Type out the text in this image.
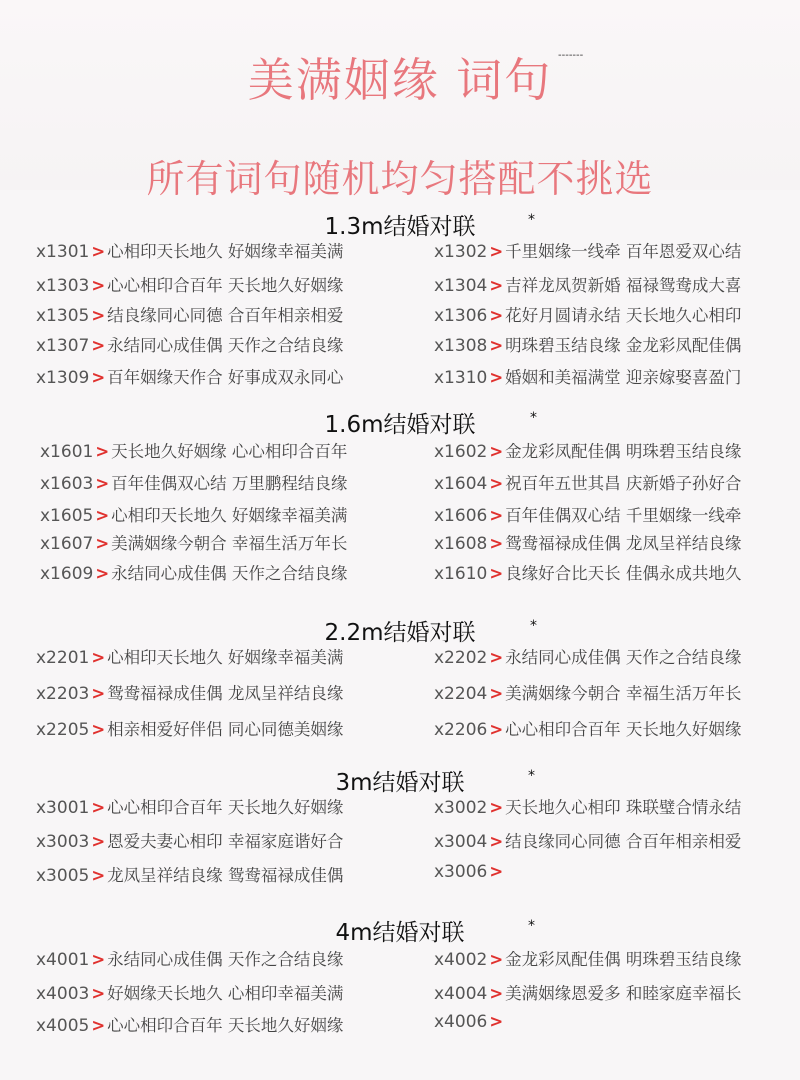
美满姻缘 词句 -------
所有词句随机均匀搭配不挑选
1.3m结婚对联	*
x1301 > 心相印天长地久 好姻缘幸福美满	x1302 > 千里姻缘一线牵 百年恩爱双心结
x1303 > 心心相印合百年 天长地久好姻缘	x1304 > 吉祥龙凤贺新婚 福禄鸳鸯成大喜
x1305 > 结良缘同心同德 合百年相亲相爱	x1306 > 花好月圆请永结 天长地久心相印
x1307 > 永结同心成佳偶 天作之合结良缘	x1308 > 明珠碧玉结良缘 金龙彩凤配佳偶
x1309 > 百年姻缘天作合 好事成双永同心	x1310 > 婚姻和美福满堂 迎亲嫁娶喜盈门
1.6m结婚对联	*
x1601 > 天长地久好姻缘 心心相印合百年	x1602 > 金龙彩凤配佳偶 明珠碧玉结良缘
x1603 > 百年佳偶双心结 万里鹏程结良缘	x1604 > 祝百年五世其昌 庆新婚子孙好合
x1605 > 心相印天长地久 好姻缘幸福美满	x1606 > 百年佳偶双心结 千里姻缘一线牵
x1607 > 美满姻缘今朝合 幸福生活万年长	x1608 > 鸳鸯福禄成佳偶 龙凤呈祥结良缘
x1609 > 永结同心成佳偶 天作之合结良缘	x1610 > 良缘好合比天长 佳偶永成共地久
2.2m结婚对联	*
x2201 > 心相印天长地久 好姻缘幸福美满	x2202 > 永结同心成佳偶 天作之合结良缘
x2203 > 鸳鸯福禄成佳偶 龙凤呈祥结良缘	x2204 > 美满姻缘今朝合 幸福生活万年长
x2205 > 相亲相爱好伴侣 同心同德美姻缘	x2206 > 心心相印合百年 天长地久好姻缘
3m结婚对联	*
x3001 > 心心相印合百年 天长地久好姻缘	x3002 > 天长地久心相印 珠联璧合情永结
x3003 > 恩爱夫妻心相印 幸福家庭谐好合	x3004 > 结良缘同心同德 合百年相亲相爱
x3005 > 龙凤呈祥结良缘 鸳鸯福禄成佳偶	x3006 >
4m结婚对联	*
x4001 > 永结同心成佳偶 天作之合结良缘	x4002 > 金龙彩凤配佳偶 明珠碧玉结良缘
x4003 > 好姻缘天长地久 心相印幸福美满	x4004 > 美满姻缘恩爱多 和睦家庭幸福长
x4005 > 心心相印合百年 天长地久好姻缘	x4006 >
